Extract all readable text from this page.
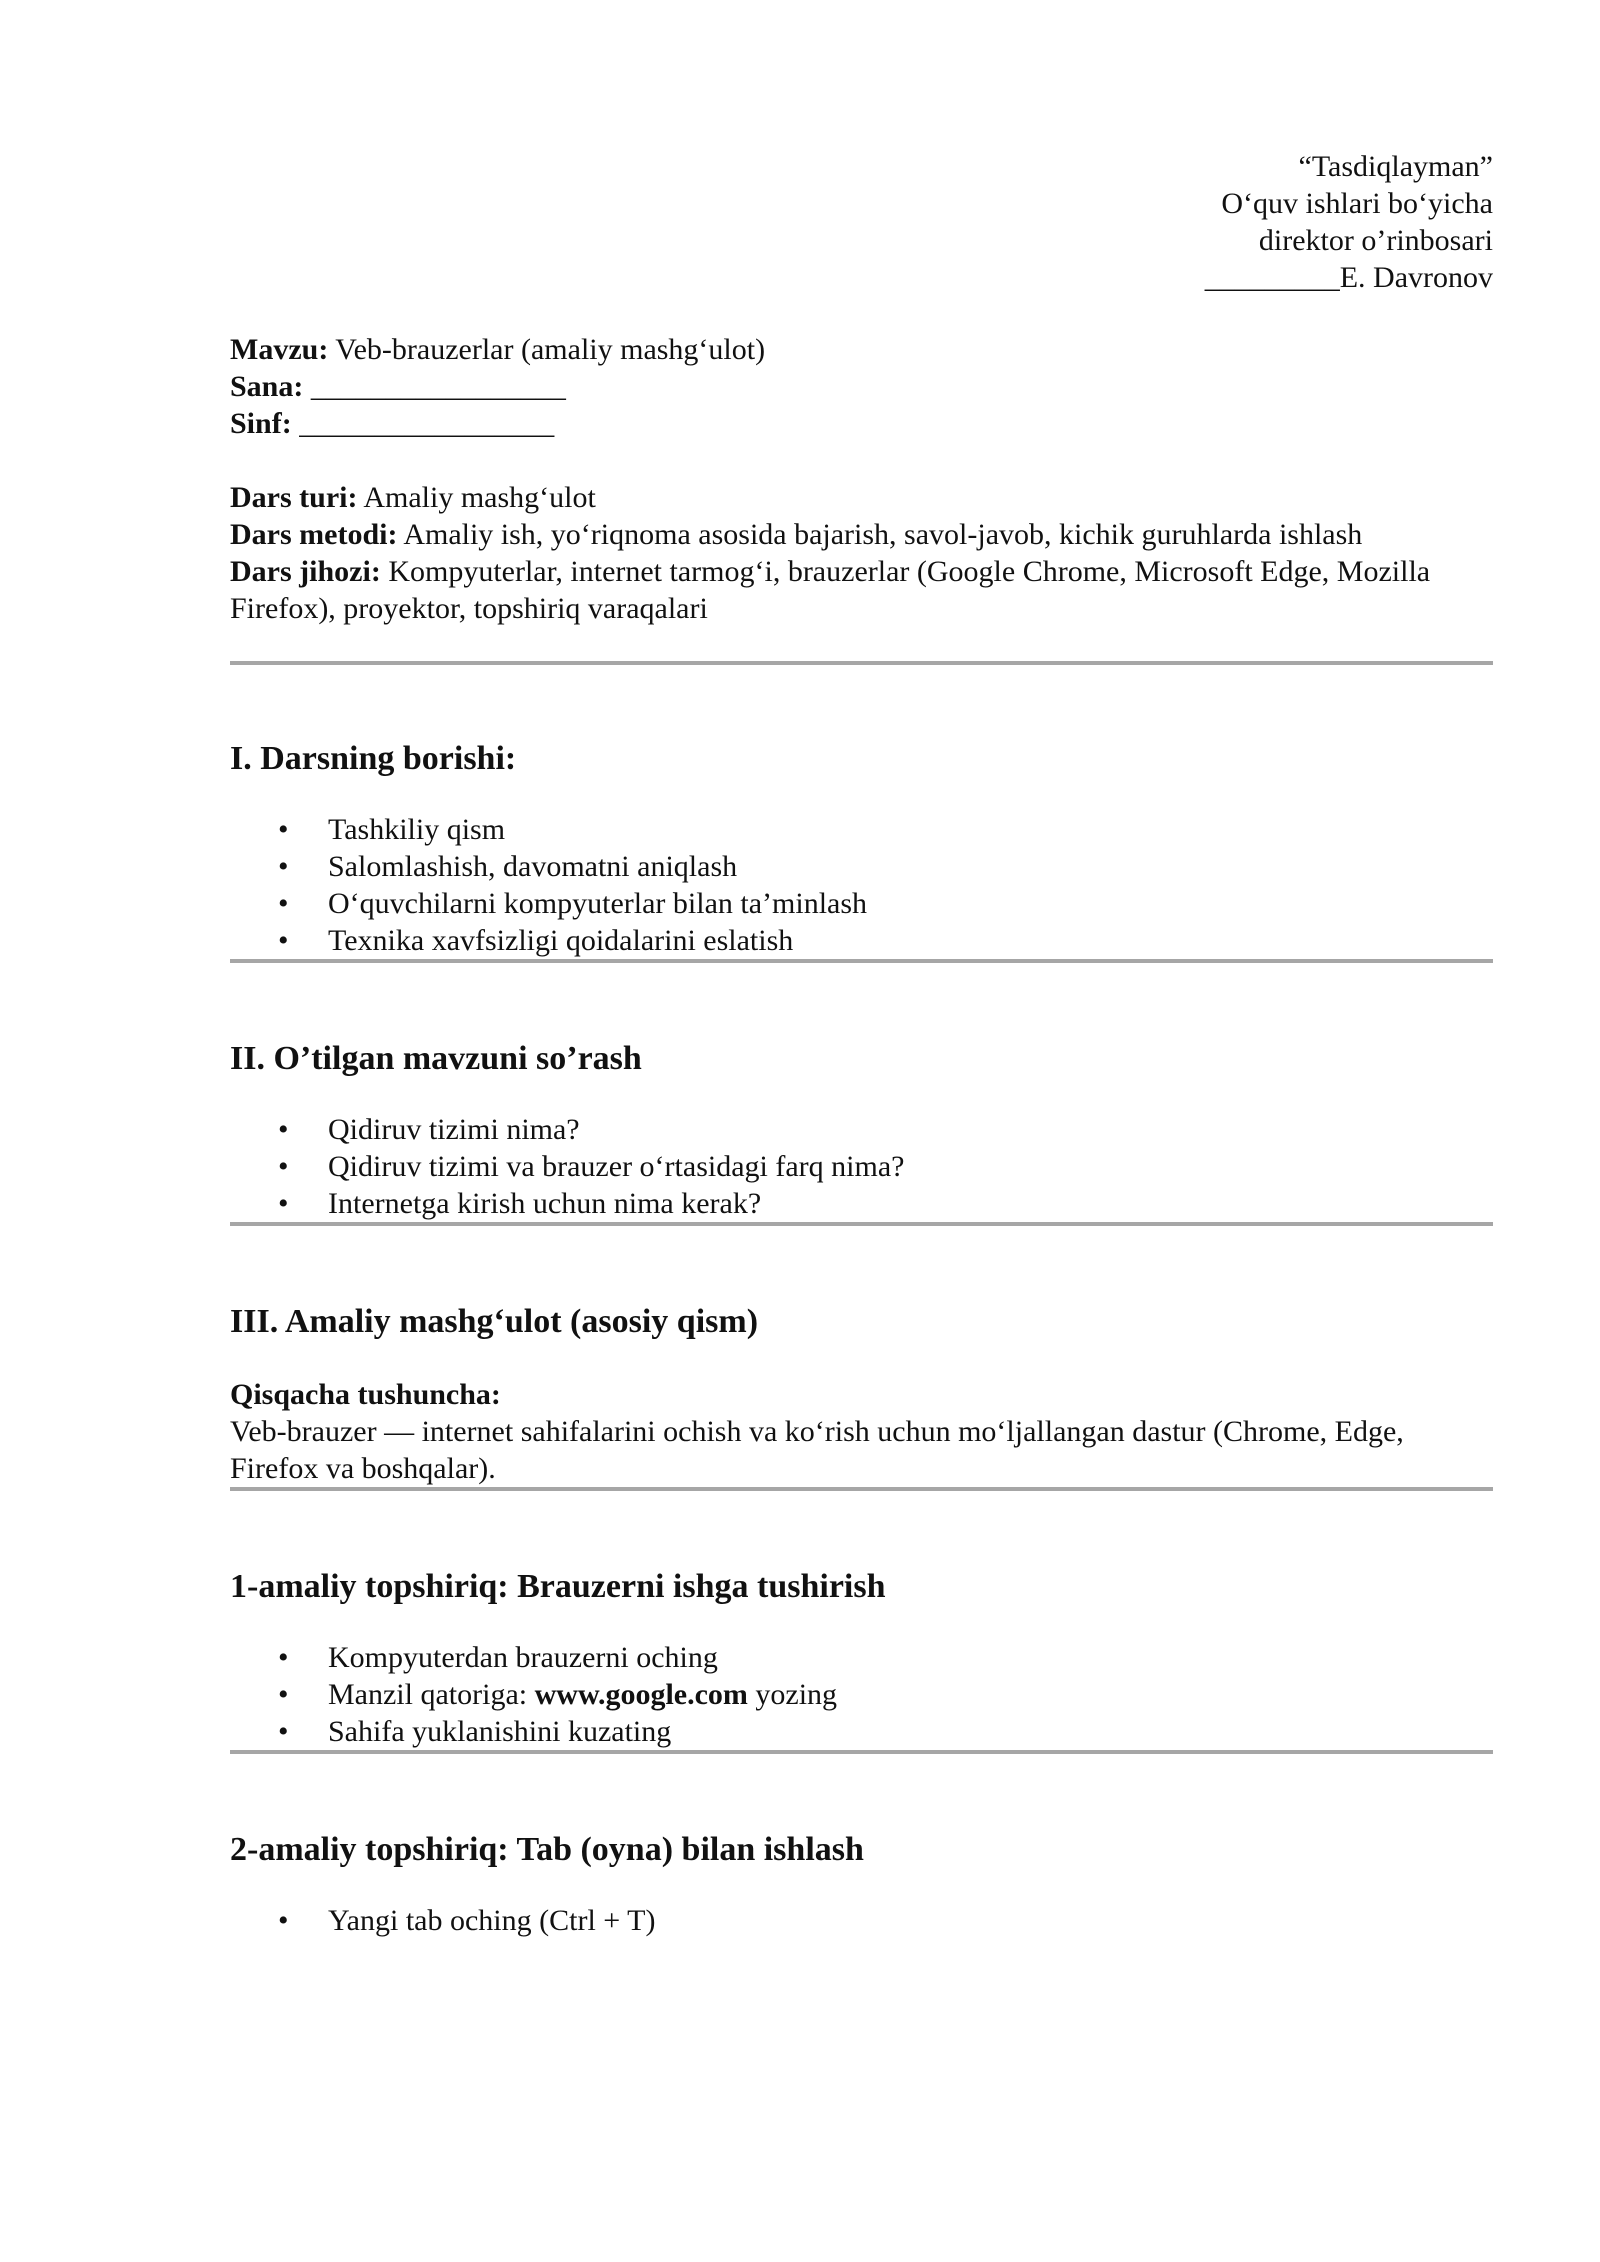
“Tasdiqlayman”
O‘quv ishlari bo‘yicha
direktor o’rinbosari
_________E. Davronov
Mavzu: Veb-brauzerlar (amaliy mashg‘ulot)
Sana: _________________
Sinf: _________________
Dars turi: Amaliy mashg‘ulot
Dars metodi: Amaliy ish, yo‘riqnoma asosida bajarish, savol-javob, kichik guruhlarda ishlash
Dars jihozi: Kompyuterlar, internet tarmog‘i, brauzerlar (Google Chrome, Microsoft Edge, Mozilla Firefox), proyektor, topshiriq varaqalari
I. Darsning borishi:
• Tashkiliy qism
• Salomlashish, davomatni aniqlash
• O‘quvchilarni kompyuterlar bilan ta’minlash
• Texnika xavfsizligi qoidalarini eslatish
II. O’tilgan mavzuni so’rash
• Qidiruv tizimi nima?
• Qidiruv tizimi va brauzer o‘rtasidagi farq nima?
• Internetga kirish uchun nima kerak?
III. Amaliy mashg‘ulot (asosiy qism)
Qisqacha tushuncha:
Veb-brauzer — internet sahifalarini ochish va ko‘rish uchun mo‘ljallangan dastur (Chrome, Edge, Firefox va boshqalar).
1-amaliy topshiriq: Brauzerni ishga tushirish
• Kompyuterdan brauzerni oching
• Manzil qatoriga: www.google.com yozing
• Sahifa yuklanishini kuzating
2-amaliy topshiriq: Tab (oyna) bilan ishlash
• Yangi tab oching (Ctrl + T)
